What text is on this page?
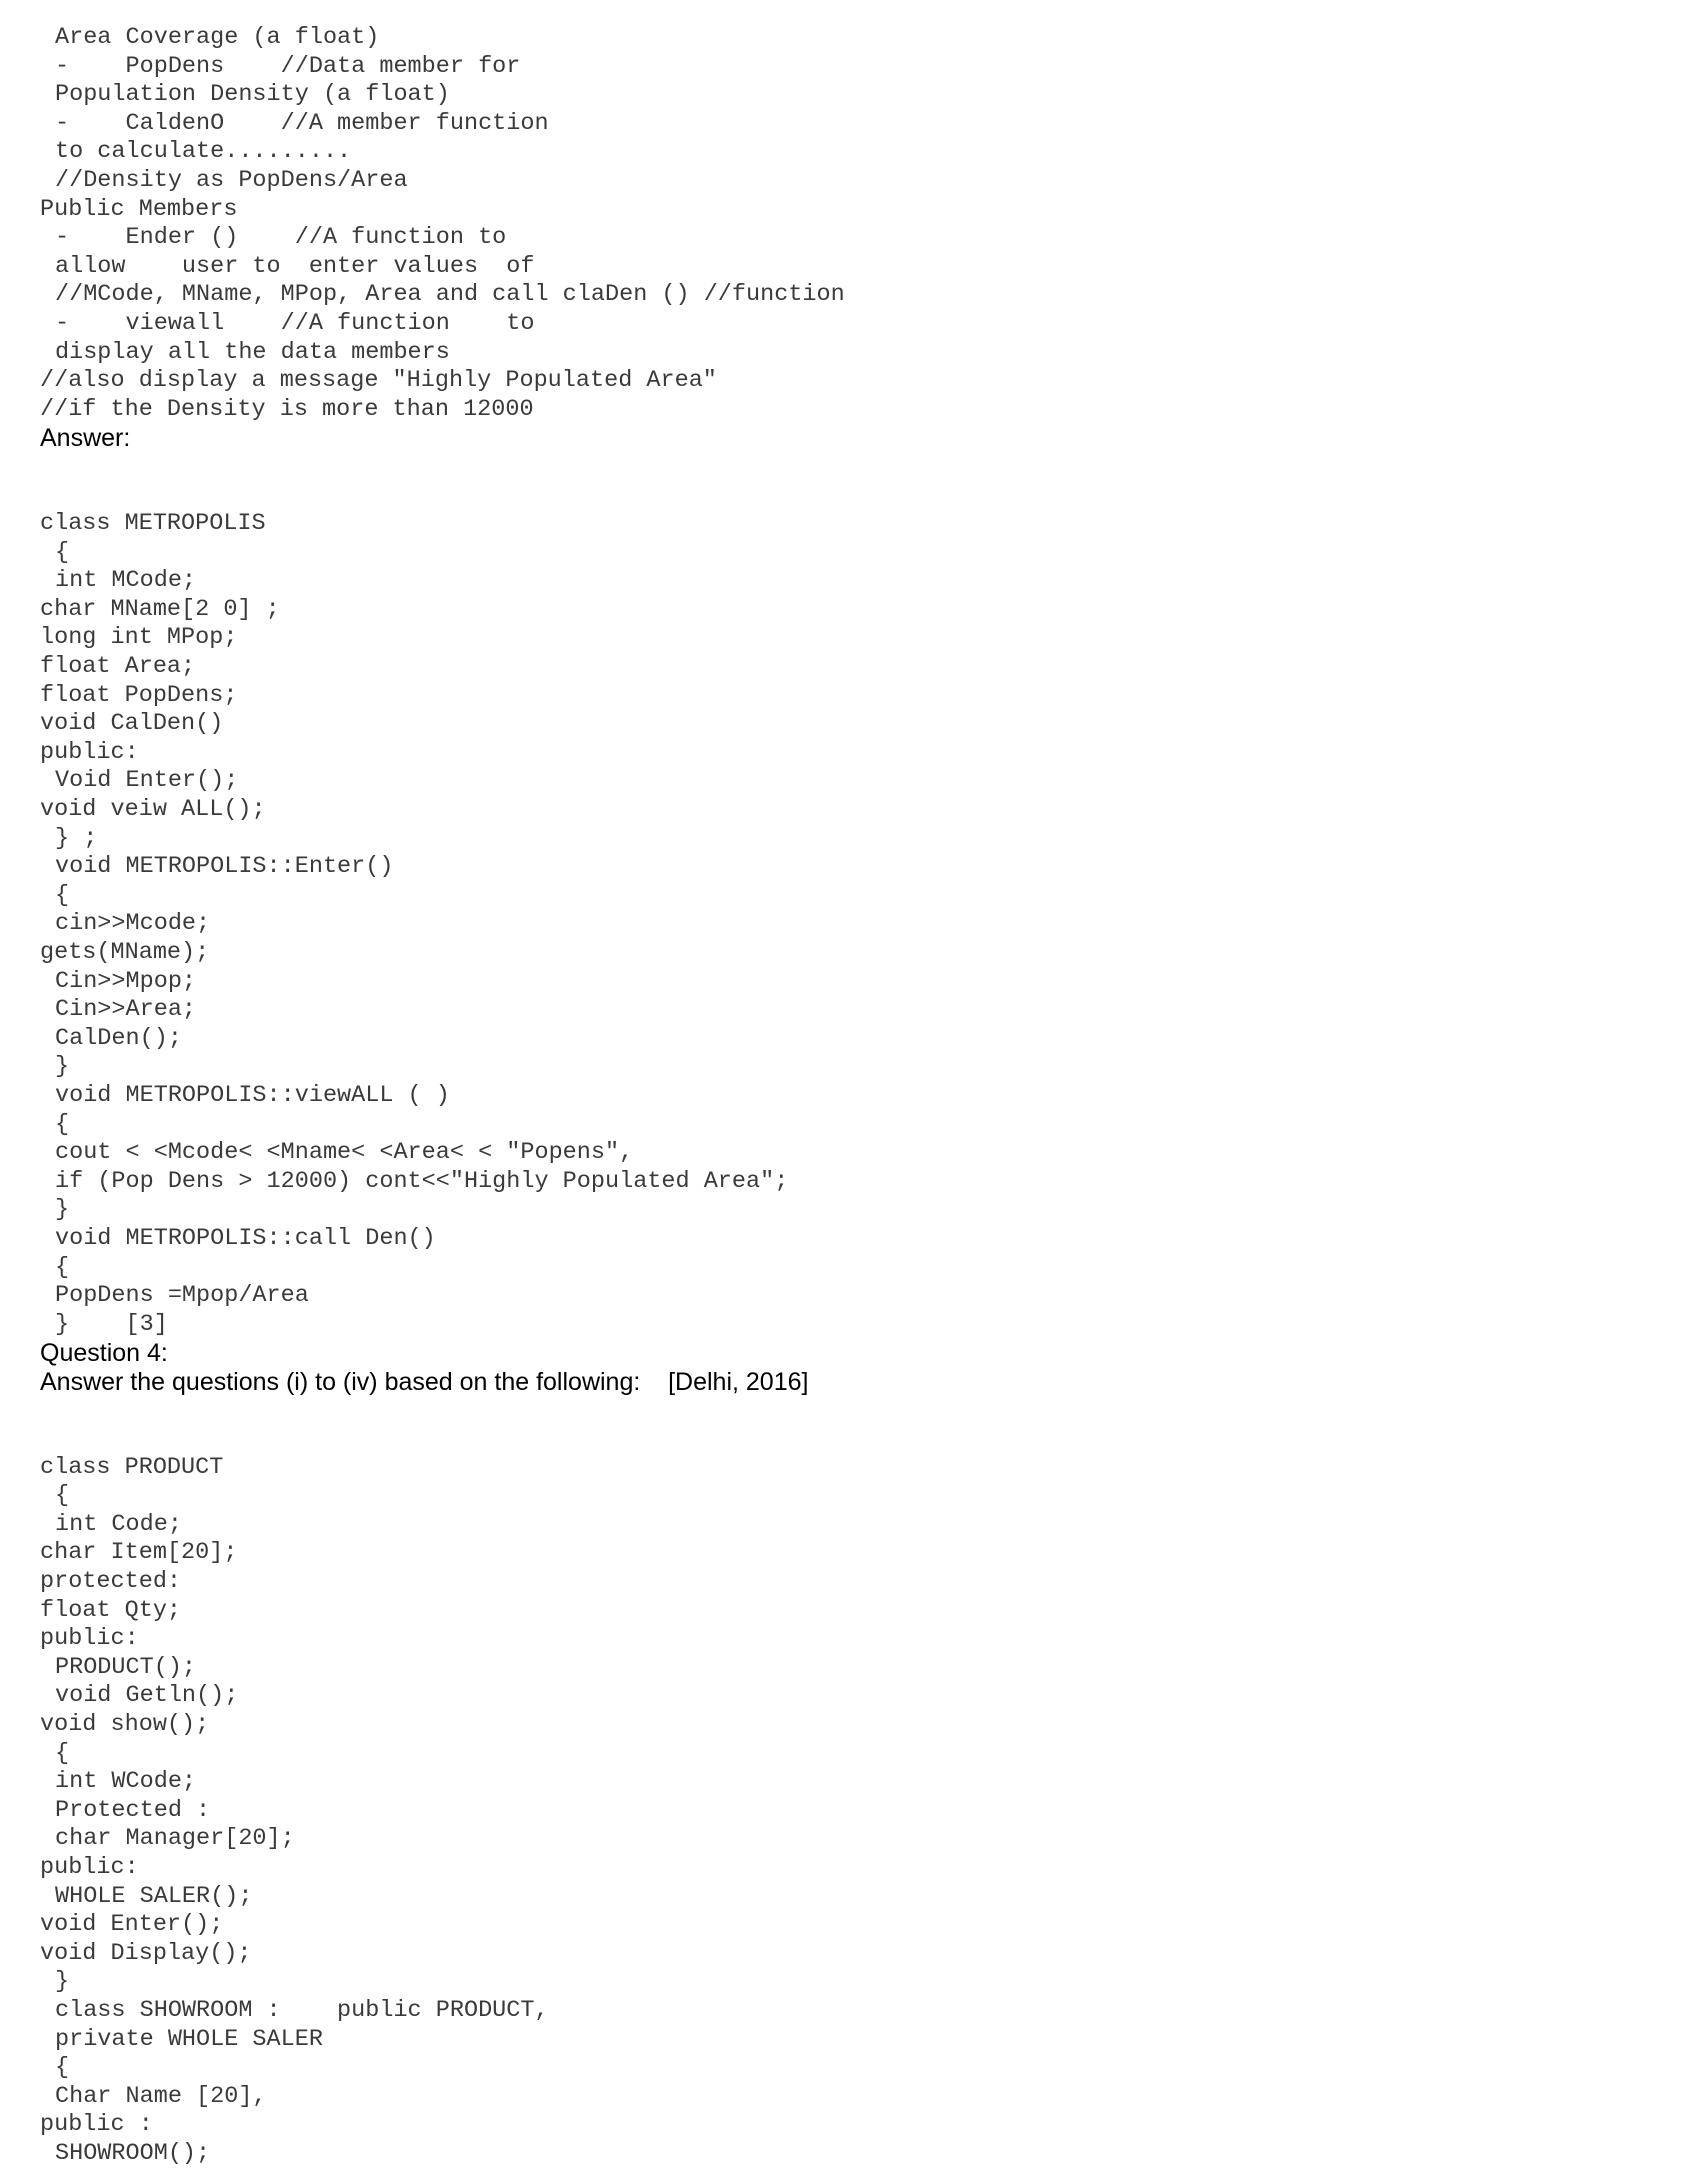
Area Coverage (a float)
-    PopDens    //Data member for
Population Density (a float)
-    CaldenO    //A member function
to calculate.........
//Density as PopDens/Area
Public Members
-    Ender ()    //A function to
allow    user to  enter values  of
//MCode, MName, MPop, Area and call claDen () //function
-    viewall    //A function    to
display all the data members
//also display a message "Highly Populated Area"
//if the Density is more than 12000
Answer:
class METROPOLIS
{
int MCode;
char MName[2 0] ;
long int MPop;
float Area;
float PopDens;
void CalDen()
public:
Void Enter();
void veiw ALL();
} ;
void METROPOLIS::Enter()
{
cin>>Mcode;
gets(MName);
Cin>>Mpop;
Cin>>Area;
CalDen();
}
void METROPOLIS::viewALL ( )
{
cout < <Mcode< <Mname< <Area< < "Popens",
if (Pop Dens > 12000) cont<<"Highly Populated Area";
}
void METROPOLIS::call Den()
{
PopDens =Mpop/Area
}    [3]
Question 4:
Answer the questions (i) to (iv) based on the following:    [Delhi, 2016]
class PRODUCT
{
int Code;
char Item[20];
protected:
float Qty;
public:
PRODUCT();
void Getln();
void show();
{
int WCode;
Protected :
char Manager[20];
public:
WHOLE SALER();
void Enter();
void Display();
}
class SHOWROOM :    public PRODUCT,
private WHOLE SALER
{
Char Name [20],
public :
SHOWROOM();
